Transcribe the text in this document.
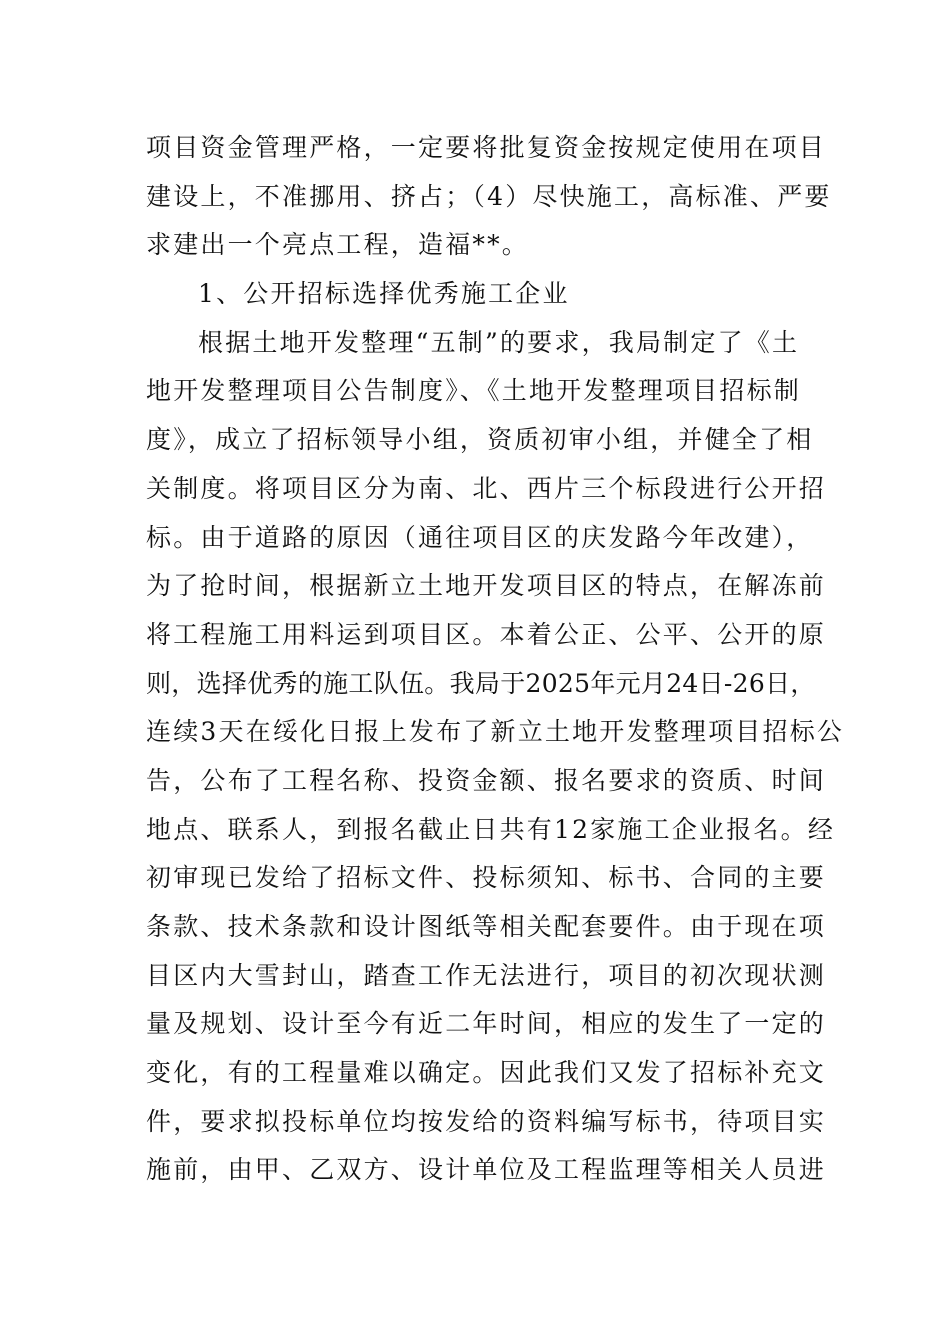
项目资金管理严格，一定要将批复资金按规定使用在项目
建设上，不准挪用、挤占；（4）尽快施工，高标准、严要
求建出一个亮点工程，造福**。
1、公开招标选择优秀施工企业
根据土地开发整理“五制”的要求，我局制定了《土
地开发整理项目公告制度》、《土地开发整理项目招标制
度》，成立了招标领导小组，资质初审小组，并健全了相
关制度。将项目区分为南、北、西片三个标段进行公开招
标。由于道路的原因（通往项目区的庆发路今年改建），
为了抢时间，根据新立土地开发项目区的特点，在解冻前
将工程施工用料运到项目区。本着公正、公平、公开的原
则，选择优秀的施工队伍。我局于2025年元月24日-26日，
连续3天在绥化日报上发布了新立土地开发整理项目招标公
告，公布了工程名称、投资金额、报名要求的资质、时间
地点、联系人，到报名截止日共有12家施工企业报名。经
初审现已发给了招标文件、投标须知、标书、合同的主要
条款、技术条款和设计图纸等相关配套要件。由于现在项
目区内大雪封山，踏查工作无法进行，项目的初次现状测
量及规划、设计至今有近二年时间，相应的发生了一定的
变化，有的工程量难以确定。因此我们又发了招标补充文
件，要求拟投标单位均按发给的资料编写标书，待项目实
施前，由甲、乙双方、设计单位及工程监理等相关人员进
